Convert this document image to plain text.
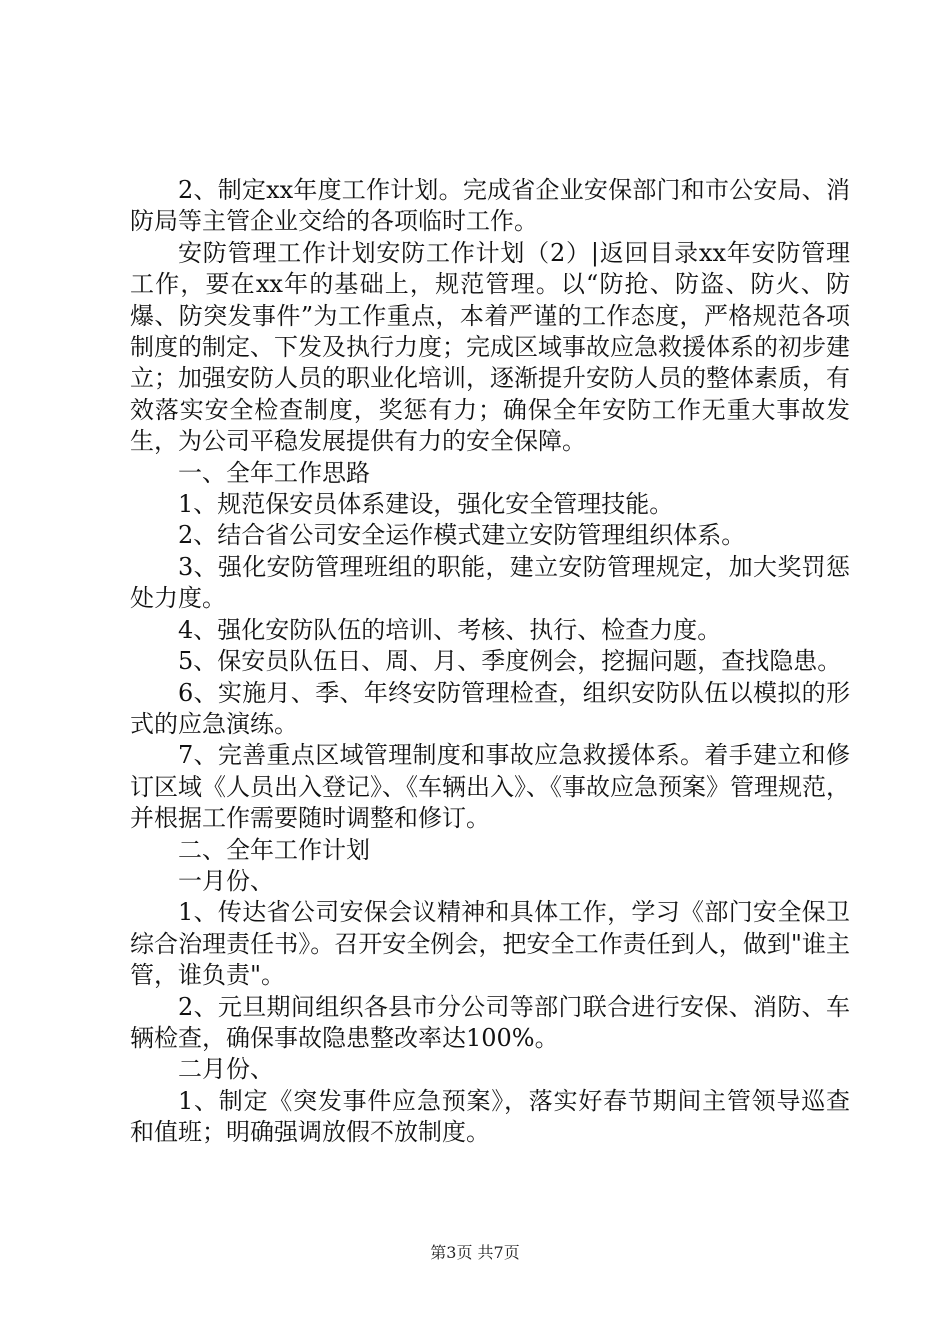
2、制定xx年度工作计划。完成省企业安保部门和市公安局、消防局等主管企业交给的各项临时工作。

安防管理工作计划安防工作计划（2）|返回目录xx年安防管理工作，要在xx年的基础上，规范管理。以“防抢、防盗、防火、防爆、防突发事件”为工作重点，本着严谨的工作态度，严格规范各项制度的制定、下发及执行力度；完成区域事故应急救援体系的初步建立；加强安防人员的职业化培训，逐渐提升安防人员的整体素质，有效落实安全检查制度，奖惩有力；确保全年安防工作无重大事故发生，为公司平稳发展提供有力的安全保障。

一、全年工作思路

1、规范保安员体系建设，强化安全管理技能。

2、结合省公司安全运作模式建立安防管理组织体系。

3、强化安防管理班组的职能，建立安防管理规定，加大奖罚惩处力度。

4、强化安防队伍的培训、考核、执行、检查力度。

5、保安员队伍日、周、月、季度例会，挖掘问题，查找隐患。

6、实施月、季、年终安防管理检查，组织安防队伍以模拟的形式的应急演练。

7、完善重点区域管理制度和事故应急救援体系。着手建立和修订区域《人员出入登记》、《车辆出入》、《事故应急预案》管理规范，并根据工作需要随时调整和修订。

二、全年工作计划

一月份、

1、传达省公司安保会议精神和具体工作，学习《部门安全保卫综合治理责任书》。召开安全例会，把安全工作责任到人，做到"谁主管，谁负责"。

2、元旦期间组织各县市分公司等部门联合进行安保、消防、车辆检查，确保事故隐患整改率达100%。

二月份、

1、制定《突发事件应急预案》，落实好春节期间主管领导巡查和值班；明确强调放假不放制度。

第3页 共7页
